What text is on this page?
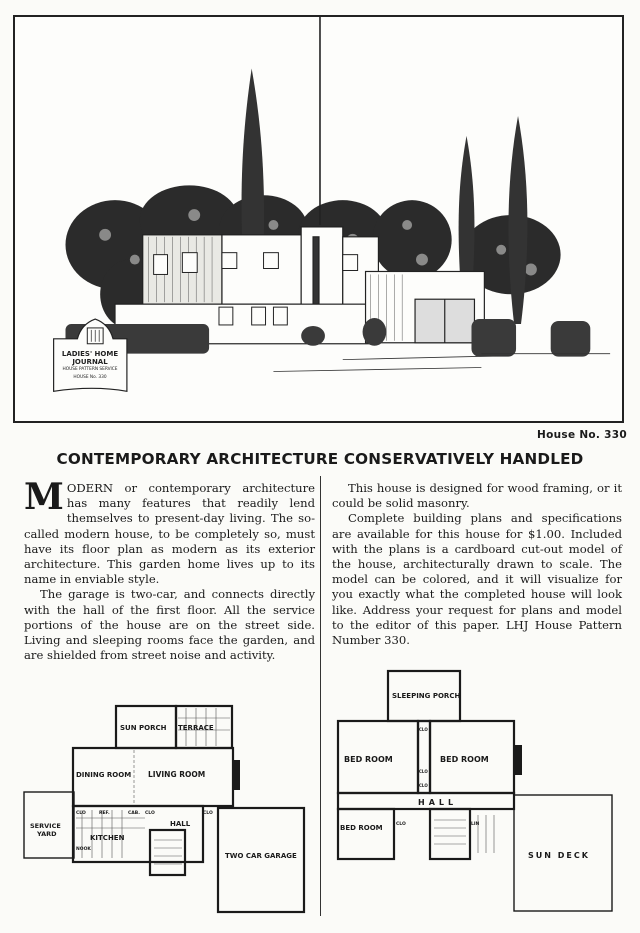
LADIES' HOME
JOURNAL
HOUSE PATTERN SERVICE
HOUSE No. 330
House No. 330
CONTEMPORARY ARCHITECTURE CONSERVATIVELY HANDLED

MODERN or contemporary architecture has many features that readily lend themselves to present-day living. The so-called modern house, to be completely so, must have its floor plan as modern as its exterior architecture. This garden home lives up to its name in enviable style.

The garage is two-car, and connects directly with the hall of the first floor. All the service portions of the house are on the street side. Living and sleeping rooms face the garden, and are shielded from street noise and activity.

This house is designed for wood framing, or it could be solid masonry.

Complete building plans and specifications are available for this house for $1.00. Included with the plans is a cardboard cut-out model of the house, architecturally drawn to scale. The model can be colored, and it will visualize for you exactly what the completed house will look like. Address your request for plans and model to the editor of this paper. LHJ House Pattern Number 330.

SUN PORCH TERRACE
DINING ROOM LIVING ROOM
SERVICE
YARD	KITCHEN
HALL
TWO CAR GARAGE
CLO	REF.	CAB. CLO	CLO
NOOK
SLEEPING PORCH
BED ROOM	BED ROOM
BED ROOM
HALL
SUN DECK
CLO
CLO
CLO
CLO	LIN
